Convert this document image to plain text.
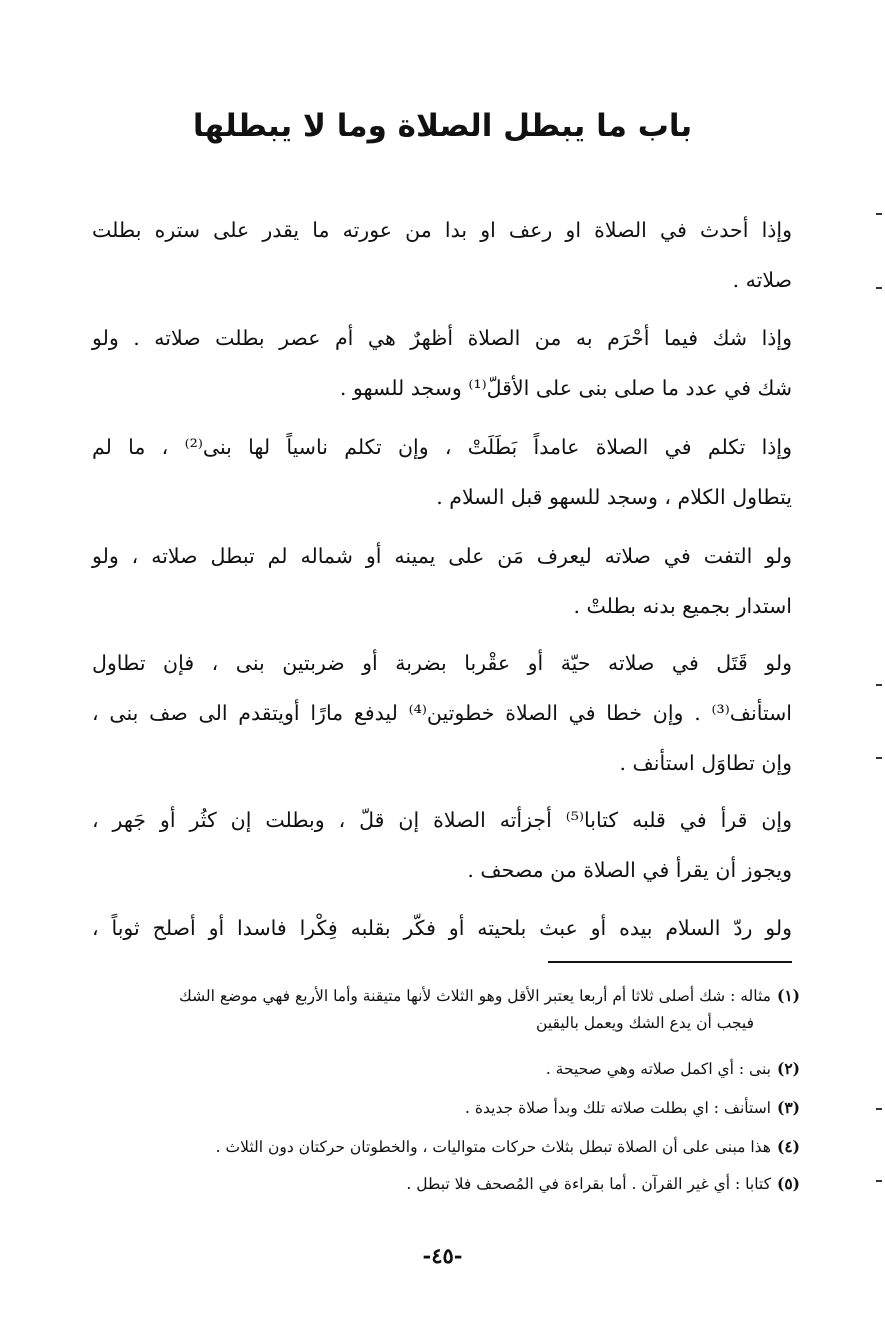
باب ما يبطل الصلاة وما لا يبطلها
وإذا أحدث في الصلاة او رعف او بدا من عورته ما يقدر على ستره بطلت
صلاته .
وإذا شك فيما أحْرَم به من الصلاة أظهرٌ هي أم عصر بطلت صلاته . ولو
شك في عدد ما صلى بنى على الأقلّ⁽¹⁾ وسجد للسهو .
وإذا تكلم في الصلاة عامداً بَطَلَتْ ، وإن تكلم ناسياً لها بنى⁽²⁾ ، ما لم
يتطاول الكلام ، وسجد للسهو قبل السلام .
ولو التفت في صلاته ليعرف مَن على يمينه أو شماله لم تبطل صلاته ، ولو
استدار بجميع بدنه بطلتْ .
ولو قَتَل في صلاته حيّة أو عقْربا بضربة أو ضربتين بنى ، فإن تطاول
استأنف⁽³⁾ . وإن خطا في الصلاة خطوتين⁽⁴⁾ ليدفع مارًا أويتقدم الى صف بنى ،
وإن تطاوَل استأنف .
وإن قرأ في قلبه كتابا⁽⁵⁾ أجزأته الصلاة إن قلّ ، وبطلت إن كثُر أو جَهر ،
ويجوز أن يقرأ في الصلاة من مصحف .
ولو ردّ السلام بيده أو عبث بلحيته أو فكّر بقلبه فِكْرا فاسدا أو أصلح ثوباً ،
(١)مثاله : شك أصلى ثلاثا أم أربعا يعتبر الأقل وهو الثلاث لأنها متيقنة وأما الأربع فهي موضع الشك
فيجب أن يدع الشك ويعمل باليقين
(٢)بنى : أي اكمل صلاته وهي صحيحة .
(٣)استأنف : اي بطلت صلاته تلك وبدأ صلاة جديدة .
(٤)هذا مبنى على أن الصلاة تبطل بثلاث حركات متواليات ، والخطوتان حركتان دون الثلاث .
(٥)كتابا : أي غير القرآن . أما بقراءة في المُصحف فلا تبطل .
-٤٥-
